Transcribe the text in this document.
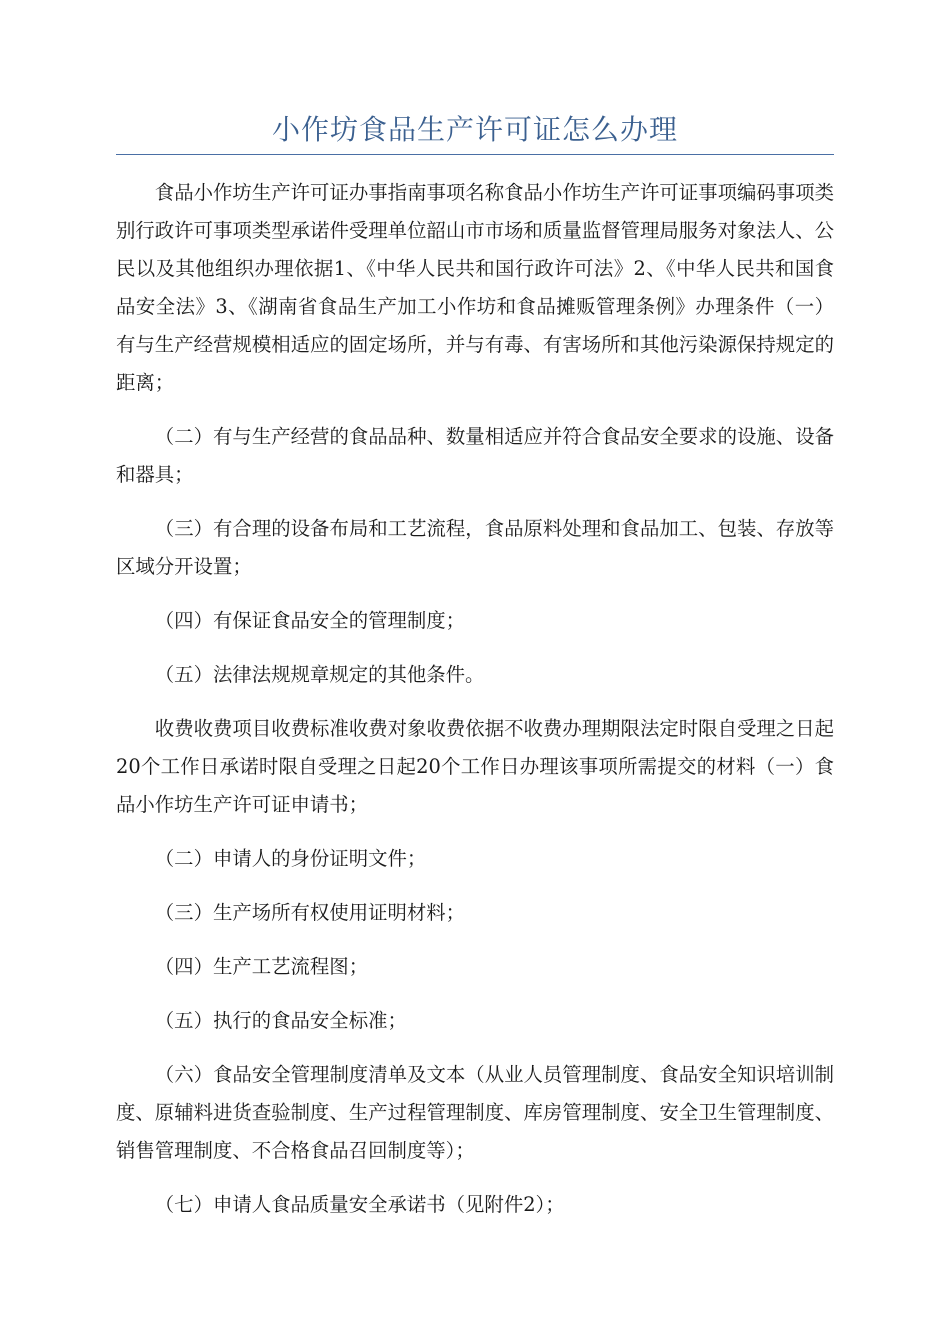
小作坊食品生产许可证怎么办理

食品小作坊生产许可证办事指南事项名称食品小作坊生产许可证事项编码事项类别行政许可事项类型承诺件受理单位韶山市市场和质量监督管理局服务对象法人、公民以及其他组织办理依据1、《中华人民共和国行政许可法》2、《中华人民共和国食品安全法》3、《湖南省食品生产加工小作坊和食品摊贩管理条例》办理条件（一）有与生产经营规模相适应的固定场所，并与有毒、有害场所和其他污染源保持规定的距离；

（二）有与生产经营的食品品种、数量相适应并符合食品安全要求的设施、设备和器具；

（三）有合理的设备布局和工艺流程，食品原料处理和食品加工、包装、存放等区域分开设置；

（四）有保证食品安全的管理制度；

（五）法律法规规章规定的其他条件。

收费收费项目收费标准收费对象收费依据不收费办理期限法定时限自受理之日起20个工作日承诺时限自受理之日起20个工作日办理该事项所需提交的材料（一）食品小作坊生产许可证申请书；

（二）申请人的身份证明文件；

（三）生产场所有权使用证明材料；

（四）生产工艺流程图；

（五）执行的食品安全标准；

（六）食品安全管理制度清单及文本（从业人员管理制度、食品安全知识培训制度、原辅料进货查验制度、生产过程管理制度、库房管理制度、安全卫生管理制度、销售管理制度、不合格食品召回制度等）；

（七）申请人食品质量安全承诺书（见附件2）；
